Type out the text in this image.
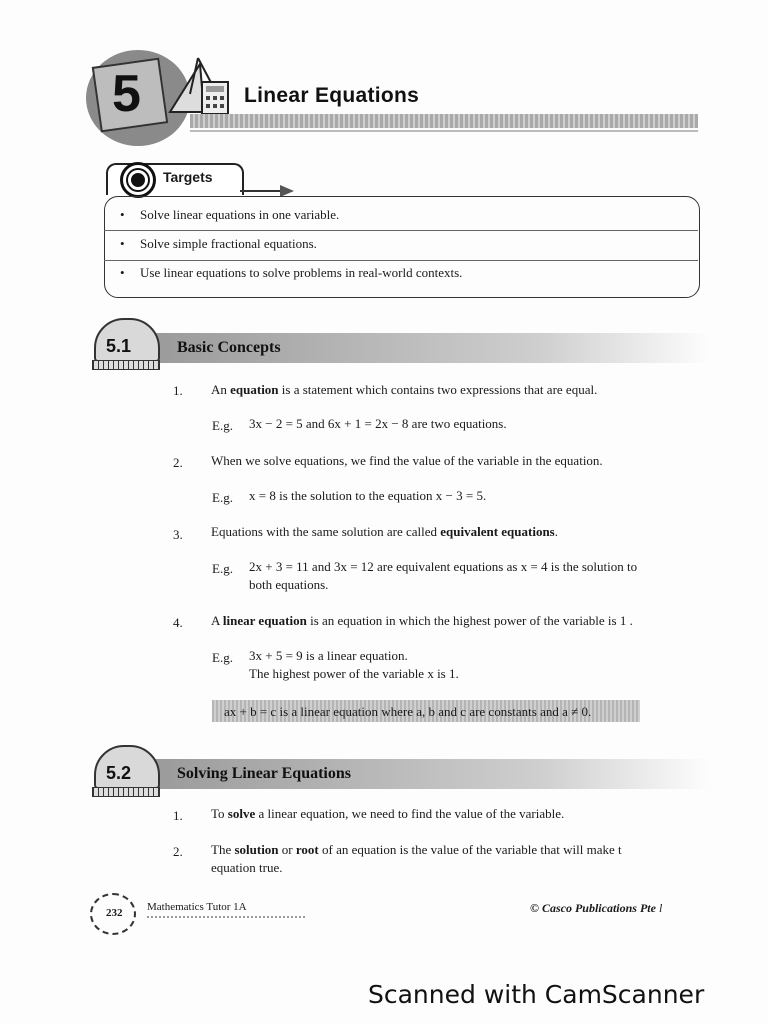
5	Linear Equations
Targets
• Solve linear equations in one variable.
• Solve simple fractional equations.
• Use linear equations to solve problems in real-world contexts.
5.1	Basic Concepts
1. An equation is a statement which contains two expressions that are equal.
E.g. 3x − 2 = 5 and 6x + 1 = 2x − 8 are two equations.
2. When we solve equations, we find the value of the variable in the equation.
E.g. x = 8 is the solution to the equation x − 3 = 5.
3. Equations with the same solution are called equivalent equations.
E.g. 2x + 3 = 11 and 3x = 12 are equivalent equations as x = 4 is the solution to
both equations.
4. A linear equation is an equation in which the highest power of the variable is 1 .
E.g. 3x + 5 = 9 is a linear equation.
The highest power of the variable x is 1.
ax + b = c is a linear equation where a, b and c are constants and a ≠ 0.
5.2	Solving Linear Equations
1. To solve a linear equation, we need to find the value of the variable.
2. The solution or root of an equation is the value of the variable that will make t
equation true.
232 Mathematics Tutor 1A	© Casco Publications Pte l
Scanned with CamScanner
